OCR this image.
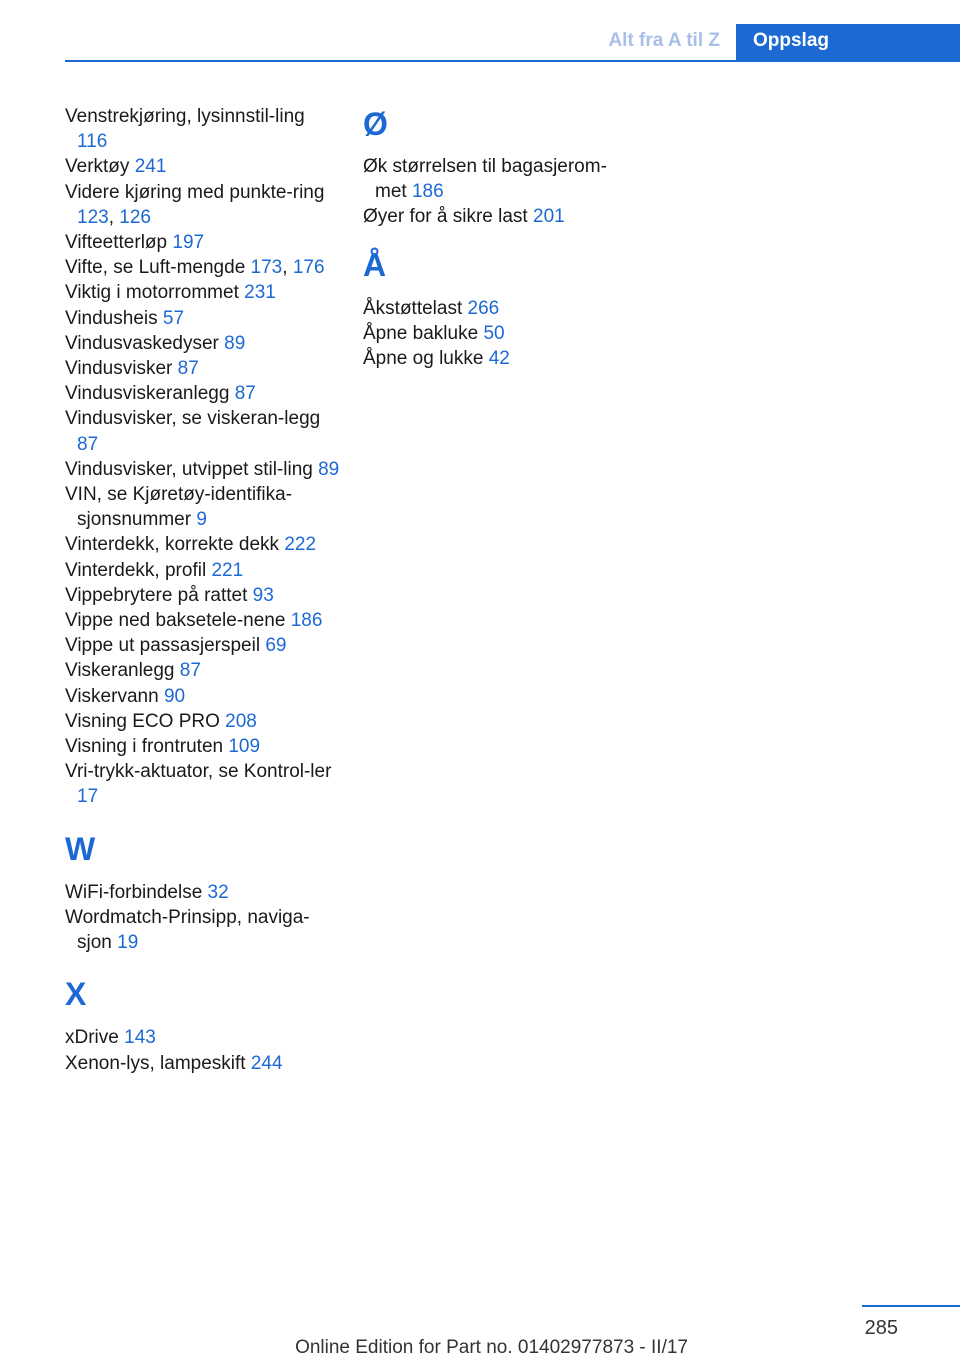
Alt fra A til Z	Oppslag
Venstrekjøring, lysinnstil-ling 116
Verktøy 241
Videre kjøring med punkte-ring 123, 126
Vifteetterløp 197
Vifte, se Luft-mengde 173, 176
Viktig i motorrommet 231
Vindusheis 57
Vindusvaskedyser 89
Vindusvisker 87
Vindusviskeranlegg 87
Vindusvisker, se viskeran-legg 87
Vindusvisker, utvippet stil-ling 89
VIN, se Kjøretøy-identifika-sjonsnummer 9
Vinterdekk, korrekte dekk 222
Vinterdekk, profil 221
Vippebrytere på rattet 93
Vippe ned baksetele-nene 186
Vippe ut passasjerspeil 69
Viskeranlegg 87
Viskervann 90
Visning ECO PRO 208
Visning i frontruten 109
Vri-trykk-aktuator, se Kontrol-ler 17
W
WiFi-forbindelse 32
Wordmatch-Prinsipp, naviga-sjon 19
X
xDrive 143
Xenon-lys, lampeskift 244
Ø
Øk størrelsen til bagasjerom-met 186
Øyer for å sikre last 201
Å
Åkstøttelast 266
Åpne bakluke 50
Åpne og lukke 42
285
Online Edition for Part no. 01402977873 - II/17
